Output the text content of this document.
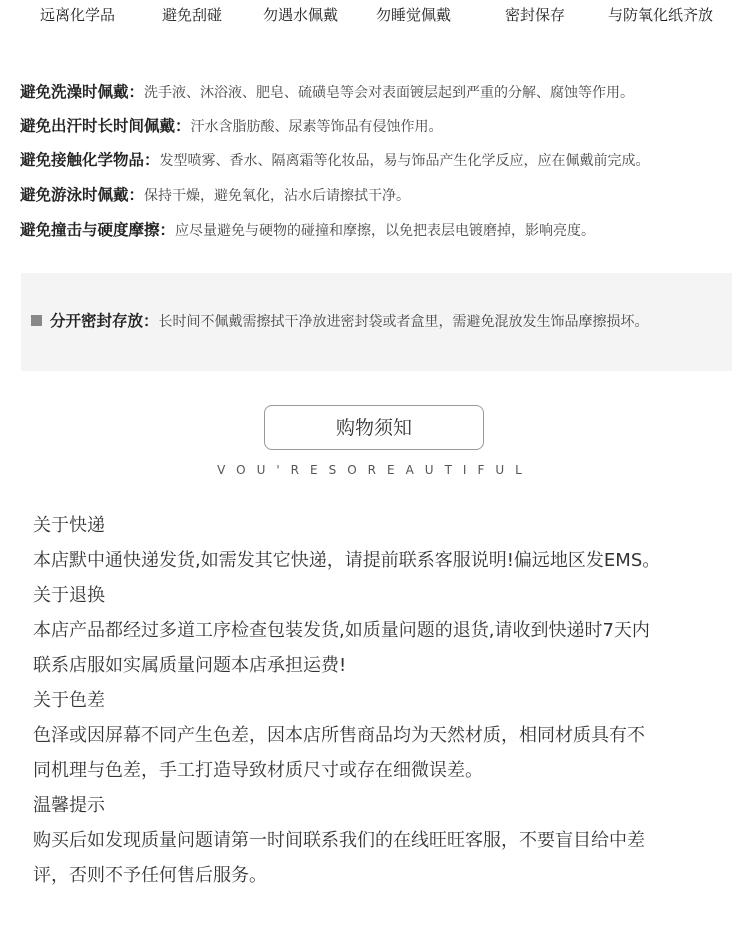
远离化学品	避免刮碰	勿遇水佩戴	勿睡觉佩戴	密封保存	与防氧化纸齐放
避免洗澡时佩戴：洗手液、沐浴液、肥皂、硫磺皂等会对表面镀层起到严重的分解、腐蚀等作用。
避免出汗时长时间佩戴：汗水含脂肪酸、尿素等饰品有侵蚀作用。
避免接触化学物品：发型喷雾、香水、隔离霜等化妆品，易与饰品产生化学反应，应在佩戴前完成。
避免游泳时佩戴：保持干燥，避免氧化，沾水后请擦拭干净。
避免撞击与硬度摩擦：应尽量避免与硬物的碰撞和摩擦，以免把表层电镀磨掉，影响亮度。
分开密封存放：长时间不佩戴需擦拭干净放进密封袋或者盒里，需避免混放发生饰品摩擦损坏。
购物须知
VOU'RESOREAUTIFUL
关于快递
本店默中通快递发货,如需发其它快递，请提前联系客服说明!偏远地区发EMS。
关于退换
本店产品都经过多道工序检查包装发货,如质量问题的退货,请收到快递时7天内
联系店服如实属质量问题本店承担运费!
关于色差
色泽或因屏幕不同产生色差，因本店所售商品均为天然材质，相同材质具有不
同机理与色差，手工打造导致材质尺寸或存在细微误差。
温馨提示
购买后如发现质量问题请第一时间联系我们的在线旺旺客服，不要盲目给中差
评，否则不予任何售后服务。
